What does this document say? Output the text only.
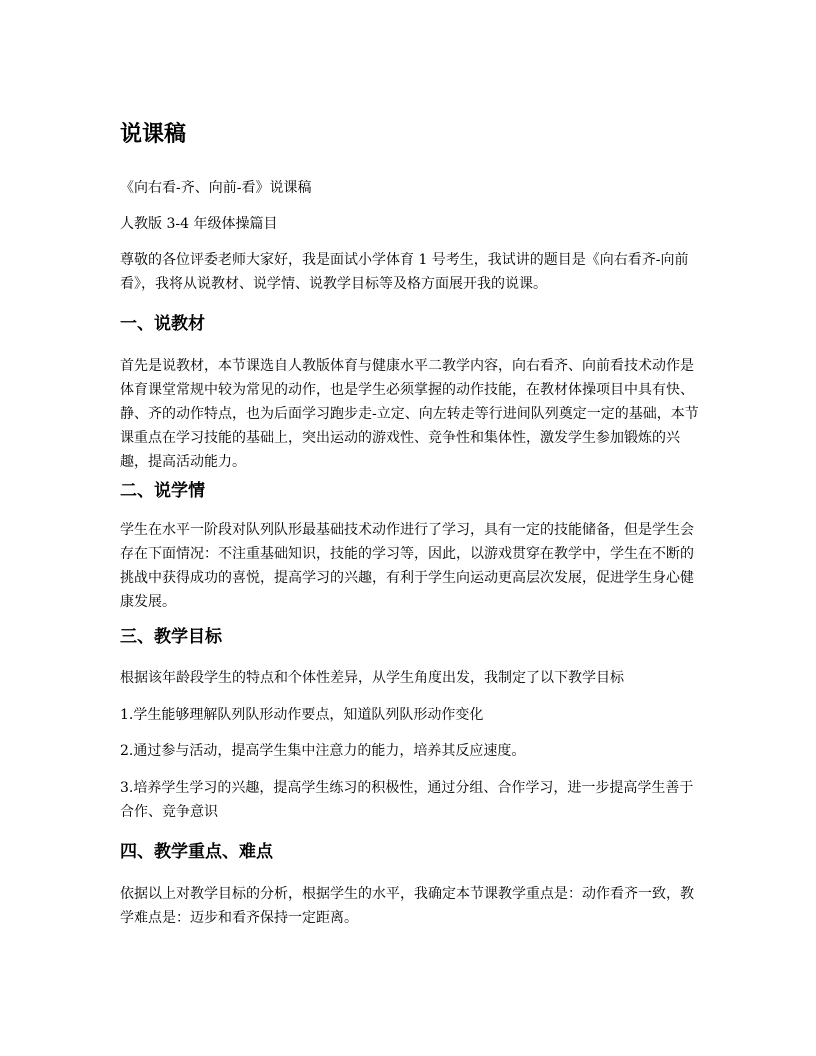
说课稿

《向右看-齐、向前-看》说课稿

人教版 3-4 年级体操篇目

尊敬的各位评委老师大家好，我是面试小学体育 1 号考生，我试讲的题目是《向右看齐-向前看》，我将从说教材、说学情、说教学目标等及格方面展开我的说课。

一、说教材

首先是说教材，本节课选自人教版体育与健康水平二教学内容，向右看齐、向前看技术动作是体育课堂常规中较为常见的动作，也是学生必须掌握的动作技能，在教材体操项目中具有快、静、齐的动作特点，也为后面学习跑步走-立定、向左转走等行进间队列奠定一定的基础，本节课重点在学习技能的基础上，突出运动的游戏性、竞争性和集体性，激发学生参加锻炼的兴趣，提高活动能力。

二、说学情

学生在水平一阶段对队列队形最基础技术动作进行了学习，具有一定的技能储备，但是学生会存在下面情况：不注重基础知识，技能的学习等，因此，以游戏贯穿在教学中，学生在不断的挑战中获得成功的喜悦，提高学习的兴趣，有利于学生向运动更高层次发展，促进学生身心健康发展。

三、教学目标

根据该年龄段学生的特点和个体性差异，从学生角度出发，我制定了以下教学目标

1.学生能够理解队列队形动作要点，知道队列队形动作变化

2.通过参与活动，提高学生集中注意力的能力，培养其反应速度。

3.培养学生学习的兴趣，提高学生练习的积极性，通过分组、合作学习，进一步提高学生善于合作、竞争意识

四、教学重点、难点

依据以上对教学目标的分析，根据学生的水平，我确定本节课教学重点是：动作看齐一致，教学难点是：迈步和看齐保持一定距离。
